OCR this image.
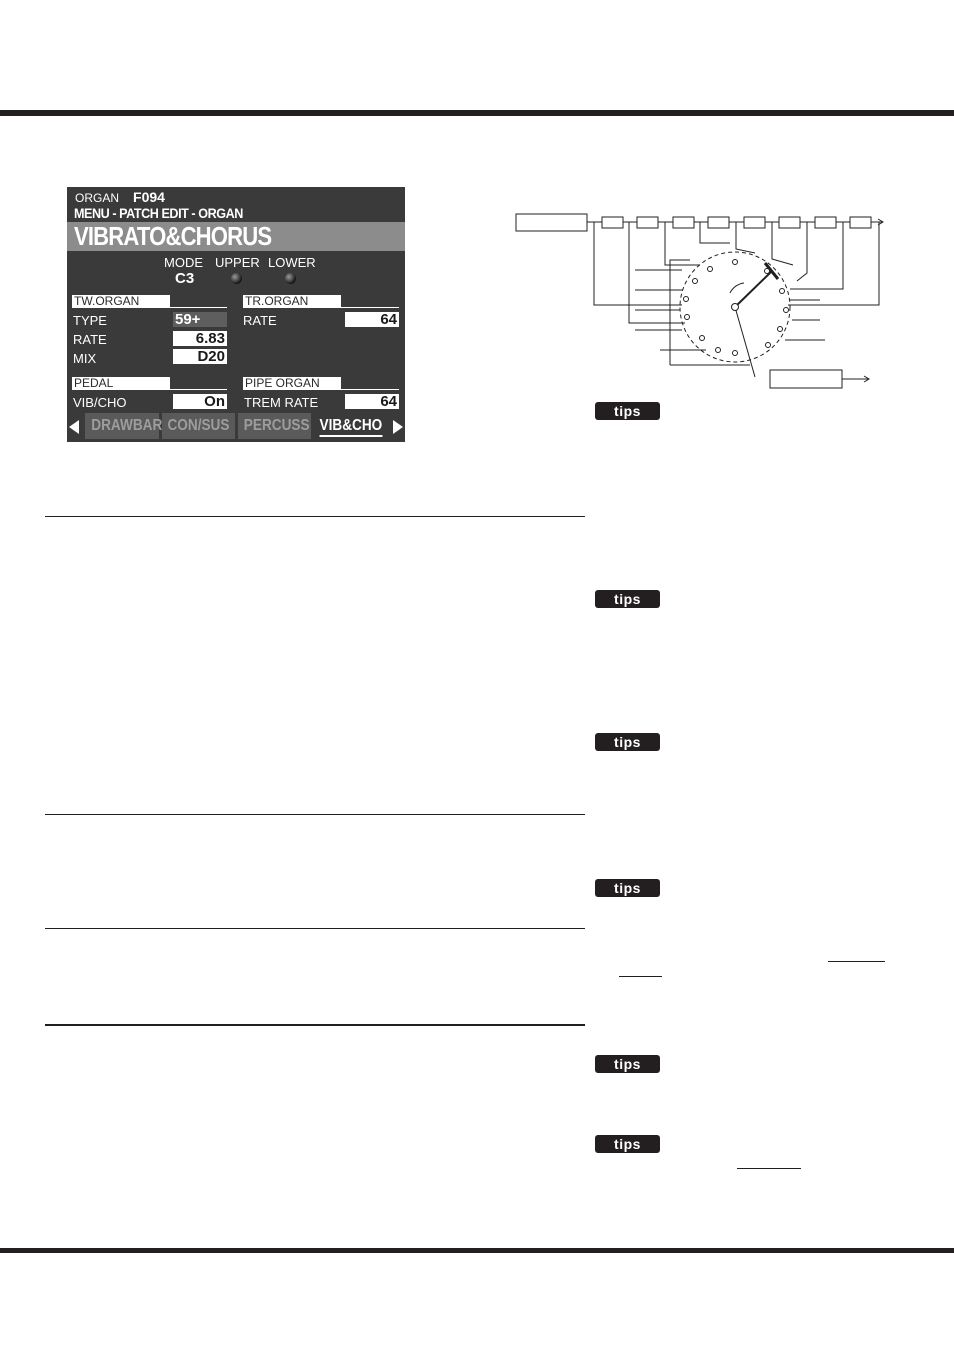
ORGAN F094
MENU - PATCH EDIT - ORGAN
VIBRATO&CHORUS
MODE UPPER LOWER
C3
TW.ORGAN
TYPE	59+
RATE	6.83
MIX	D20
TR.ORGAN
RATE	64
PEDAL
VIB/CHO	On
PIPE ORGAN
TREM RATE	64
DRAWBAR CON/SUS PERCUSS VIB&CHO
tips
tips
tips
tips
tips
tips
